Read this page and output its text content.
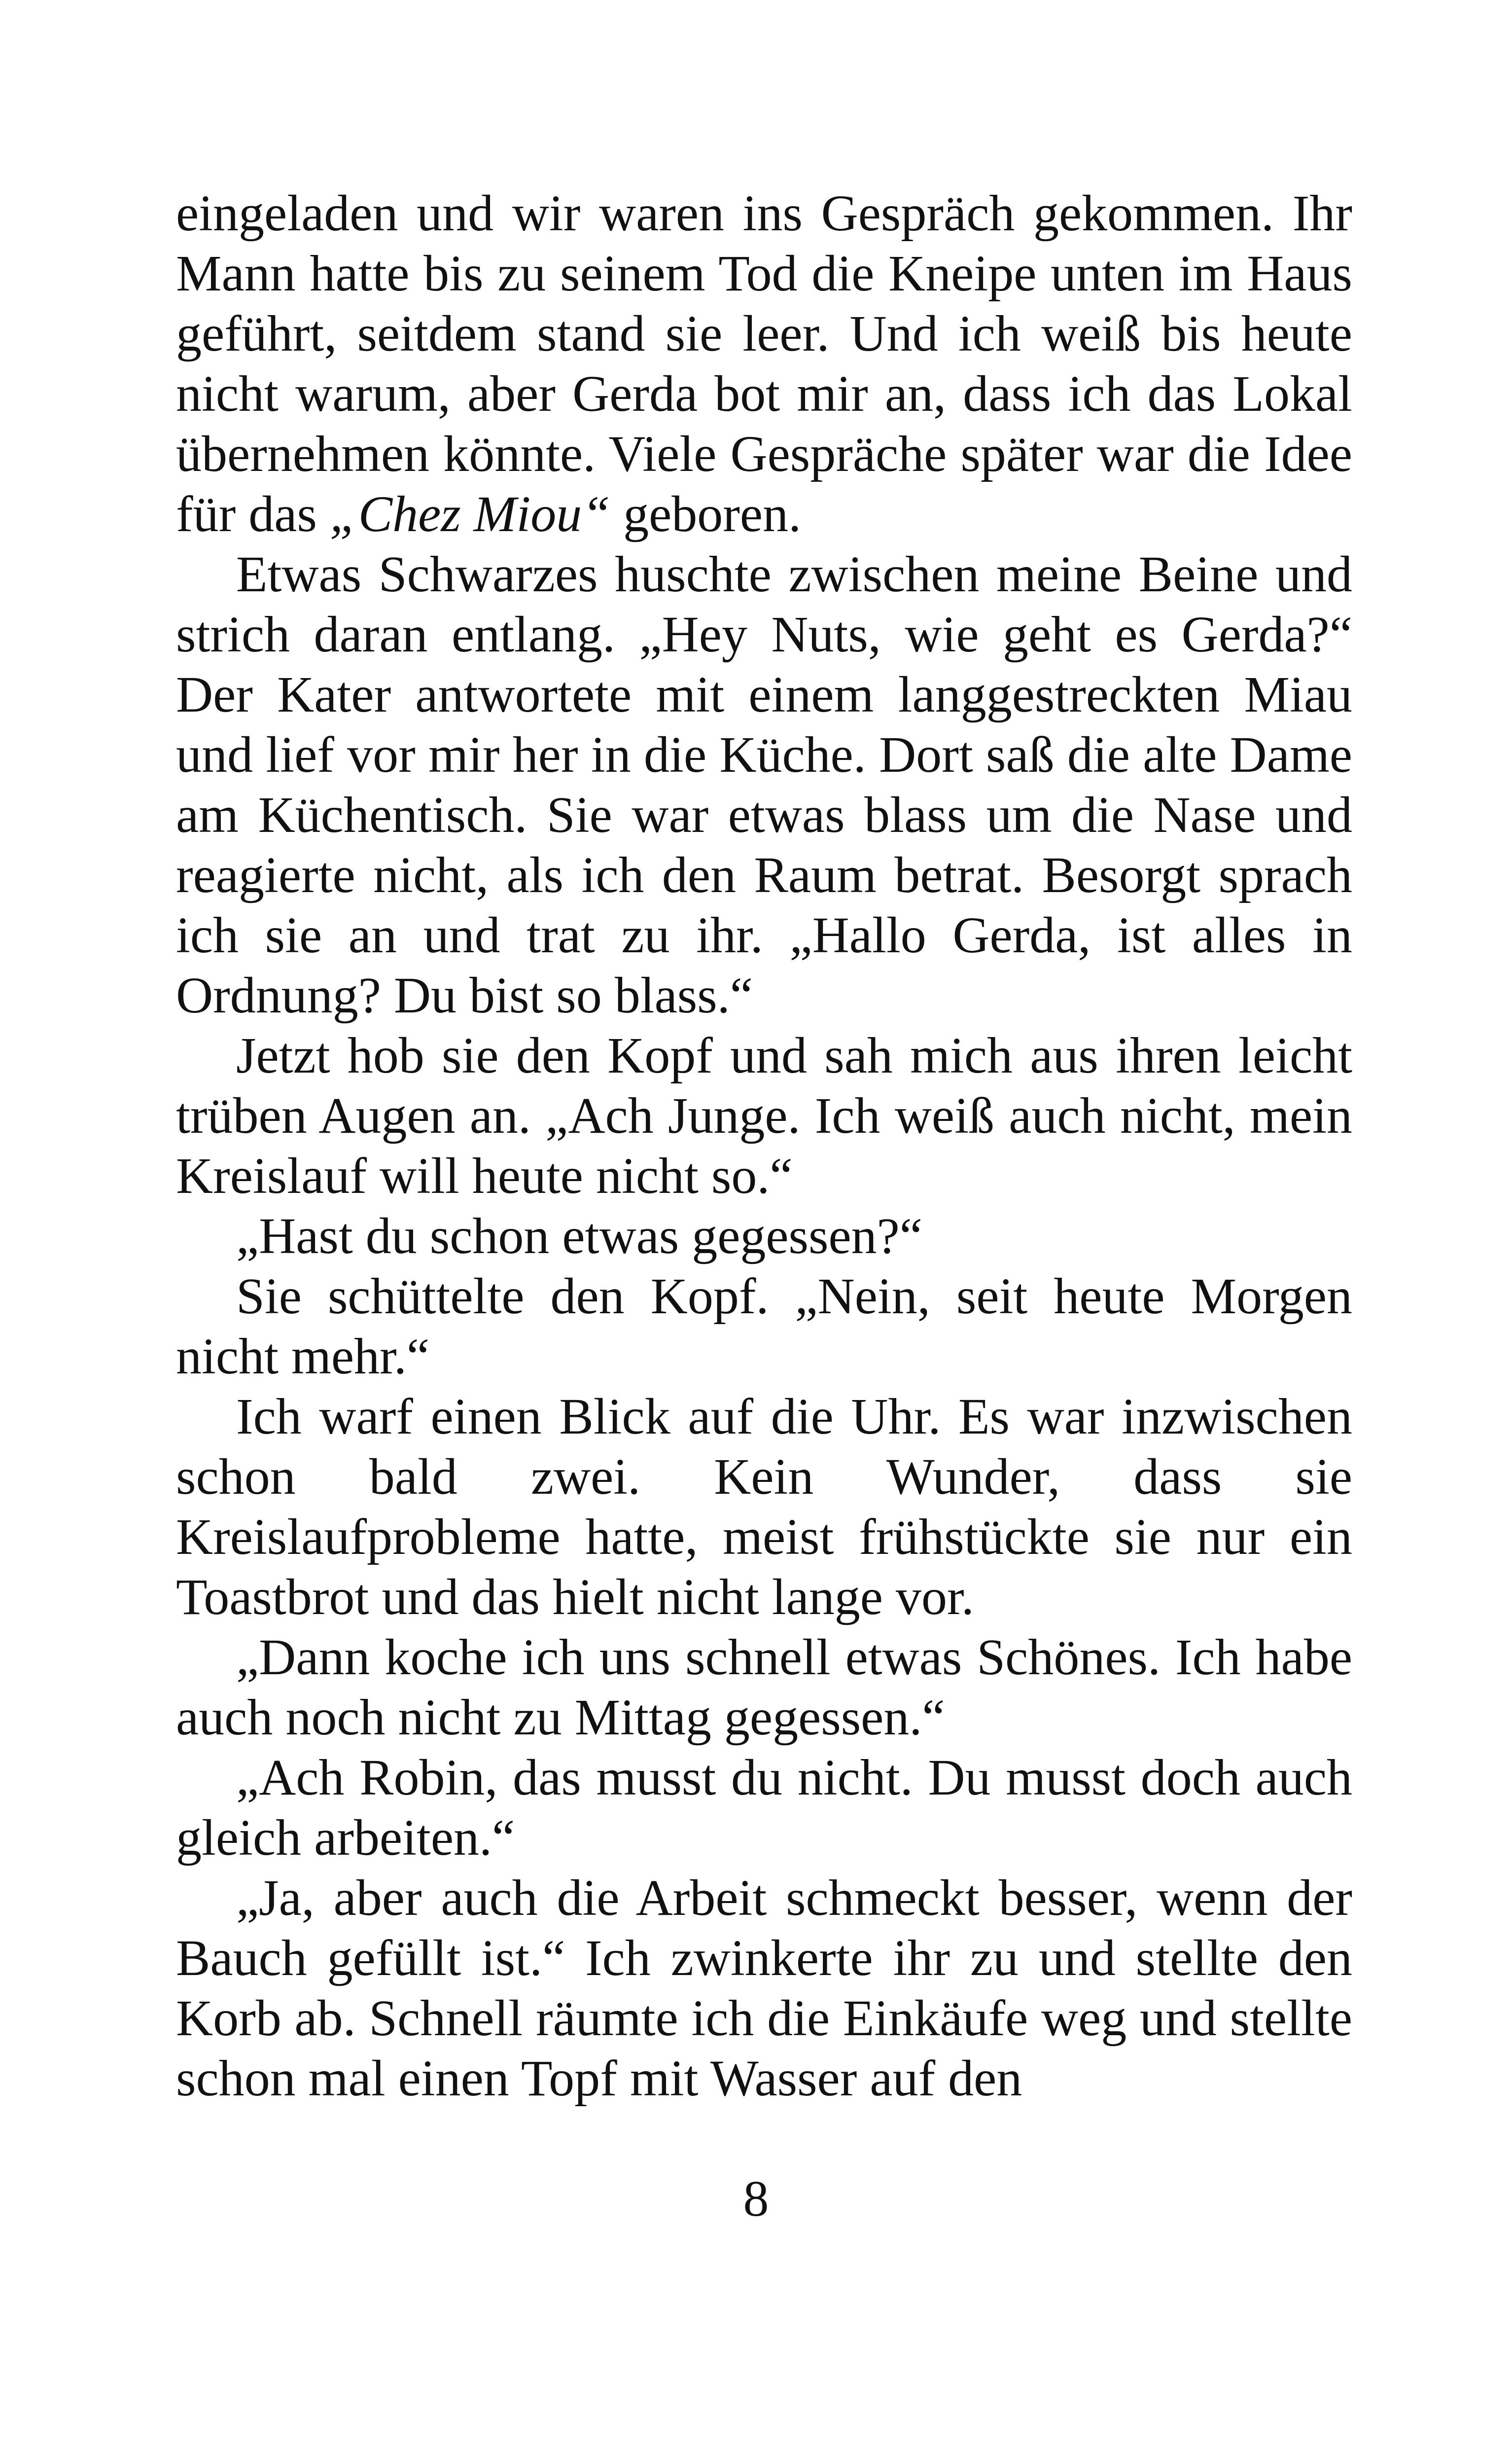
eingeladen und wir waren ins Gespräch gekommen. Ihr Mann hatte bis zu seinem Tod die Kneipe unten im Haus geführt, seitdem stand sie leer. Und ich weiß bis heute nicht warum, aber Gerda bot mir an, dass ich das Lokal übernehmen könnte. Viele Gespräche später war die Idee für das „Chez Miou“ geboren.

Etwas Schwarzes huschte zwischen meine Beine und strich daran entlang. „Hey Nuts, wie geht es Gerda?“ Der Kater antwortete mit einem langgestreckten Miau und lief vor mir her in die Küche. Dort saß die alte Dame am Küchentisch. Sie war etwas blass um die Nase und reagierte nicht, als ich den Raum betrat. Besorgt sprach ich sie an und trat zu ihr. „Hallo Gerda, ist alles in Ordnung? Du bist so blass.“

Jetzt hob sie den Kopf und sah mich aus ihren leicht trüben Augen an. „Ach Junge. Ich weiß auch nicht, mein Kreislauf will heute nicht so.“

„Hast du schon etwas gegessen?“

Sie schüttelte den Kopf. „Nein, seit heute Morgen nicht mehr.“

Ich warf einen Blick auf die Uhr. Es war inzwischen schon bald zwei. Kein Wunder, dass sie Kreislaufprobleme hatte, meist frühstückte sie nur ein Toastbrot und das hielt nicht lange vor.

„Dann koche ich uns schnell etwas Schönes. Ich habe auch noch nicht zu Mittag gegessen.“

„Ach Robin, das musst du nicht. Du musst doch auch gleich arbeiten.“

„Ja, aber auch die Arbeit schmeckt besser, wenn der Bauch gefüllt ist.“ Ich zwinkerte ihr zu und stellte den Korb ab. Schnell räumte ich die Einkäufe weg und stellte schon mal einen Topf mit Wasser auf den

8
